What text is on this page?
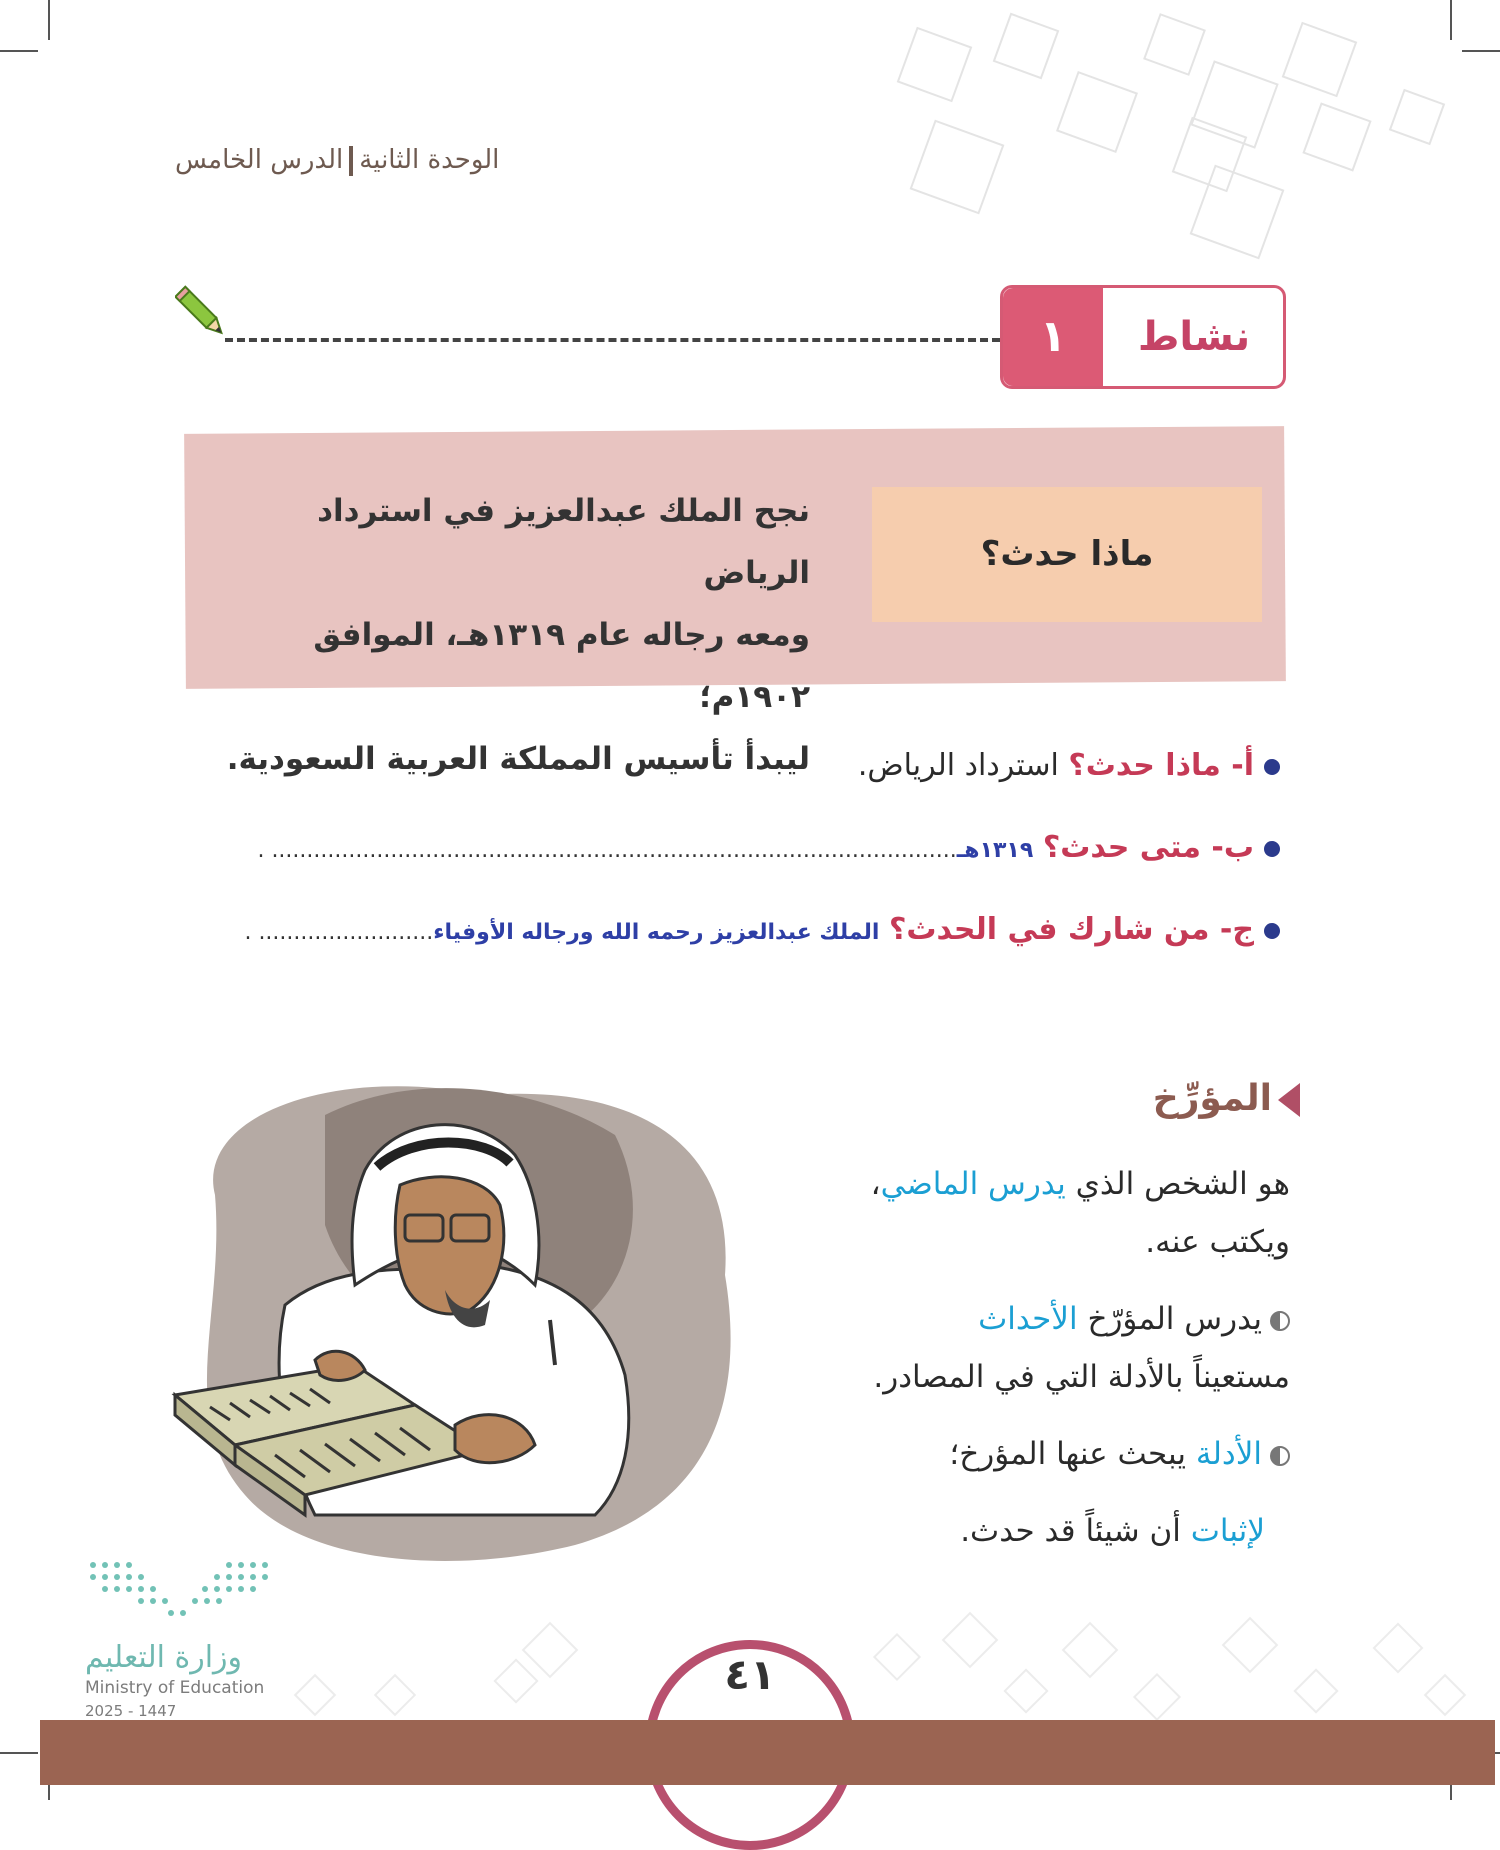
الوحدة الثانيةالدرس الخامس
١	نشاط
ماذا حدث؟
نجح الملك عبدالعزيز في استرداد الرياض
ومعه رجاله عام ١٣١٩هـ، الموافق ١٩٠٢م؛
ليبدأ تأسيس المملكة العربية السعودية.	أ- ماذا حدث؟ استرداد الرياض.
ب- متى حدث؟ ١٣١٩هـ.................................................................................................. .
ج- من شارك في الحدث؟ الملك عبدالعزيز رحمه الله ورجاله الأوفياء......................... .
المؤرِّخ
هو الشخص الذي يدرس الماضي،
ويكتب عنه.
يدرس المؤرّخ الأحداث
مستعيناً بالأدلة التي في المصادر.
الأدلة يبحث عنها المؤرخ؛
لإثبات أن شيئاً قد حدث.
وزارة التعليم
Ministry of Education
2025 - 1447
٤١
